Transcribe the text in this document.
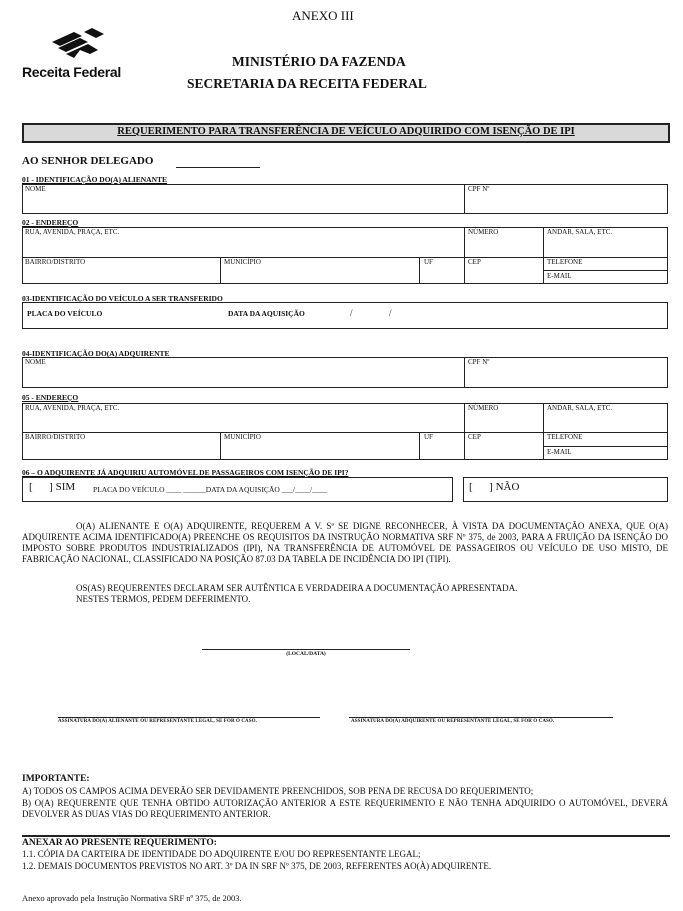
ANEXO III
Receita Federal
MINISTÉRIO DA FAZENDA
SECRETARIA DA RECEITA FEDERAL
REQUERIMENTO PARA TRANSFERÊNCIA DE VEÍCULO ADQUIRIDO COM ISENÇÃO DE IPI
AO SENHOR DELEGADO
01 - IDENTIFICAÇÃO DO(A) ALIENANTE
NOME	CPF Nº
02 - ENDEREÇO
RUA, AVENIDA, PRAÇA, ETC.	NÚMERO	ANDAR, SALA, ETC.
BAIRRO/DISTRITO	MUNICÍPIO	UF	CEP	TELEFONE
E-MAIL
03-IDENTIFICAÇÃO DO VEÍCULO A SER TRANSFERIDO
PLACA DO VEÍCULO	DATA DA AQUISIÇÃO	/	/
04-IDENTIFICAÇÃO DO(A) ADQUIRENTE
NOME	CPF Nº
05 - ENDEREÇO
RUA, AVENIDA, PRAÇA, ETC.	NÚMERO	ANDAR, SALA, ETC.
BAIRRO/DISTRITO	MUNICÍPIO	UF	CEP	TELEFONE
E-MAIL
06 – O ADQUIRENTE JÁ ADQUIRIU AUTOMÓVEL DE PASSAGEIROS COM ISENÇÃO DE IPI?
[      ] SIM PLACA DO VEÍCULO ____ ______DATA DA AQUISIÇÃO ___/____/____	[      ] NÃO
O(A) ALIENANTE E O(A) ADQUIRENTE, REQUEREM A V. Sª SE DIGNE RECONHECER, À VISTA DA DOCUMENTAÇÃO ANEXA, QUE O(A) ADQUIRENTE ACIMA IDENTIFICADO(A) PREENCHE OS REQUISITOS DA INSTRUÇÃO NORMATIVA SRF Nº 375, de 2003, PARA A FRUIÇÃO DA ISENÇÃO DO IMPOSTO SOBRE PRODUTOS INDUSTRIALIZADOS (IPI), NA TRANSFERÊNCIA DE AUTOMÓVEL DE PASSAGEIROS OU VEÍCULO DE USO MISTO, DE FABRICAÇÃO NACIONAL, CLASSIFICADO NA POSIÇÃO 87.03 DA TABELA DE INCIDÊNCIA DO IPI (TIPI).
OS(AS) REQUERENTES DECLARAM SER AUTÊNTICA E VERDADEIRA A DOCUMENTAÇÃO APRESENTADA.
NESTES TERMOS, PEDEM DEFERIMENTO.
(LOCAL/DATA)
ASSINATURA DO(A) ALIENANTE OU REPRESENTANTE LEGAL, SE FOR O CASO.	ASSINATURA DO(A) ADQUIRENTE OU REPRESENTANTE LEGAL, SE FOR O CASO.
IMPORTANTE:
A) TODOS OS CAMPOS ACIMA DEVERÃO SER DEVIDAMENTE PREENCHIDOS, SOB PENA DE RECUSA DO REQUERIMENTO;
B) O(A) REQUERENTE QUE TENHA OBTIDO AUTORIZAÇÃO ANTERIOR A ESTE REQUERIMENTO E NÃO TENHA ADQUIRIDO O AUTOMÓVEL, DEVERÁ DEVOLVER AS DUAS VIAS DO REQUERIMENTO ANTERIOR.
ANEXAR AO PRESENTE REQUERIMENTO:
1.1. CÓPIA DA CARTEIRA DE IDENTIDADE DO ADQUIRENTE E/OU DO REPRESENTANTE LEGAL;
1.2. DEMAIS DOCUMENTOS PREVISTOS NO ART. 3º DA IN SRF Nº 375, DE 2003, REFERENTES AO(À) ADQUIRENTE.
Anexo aprovado pela Instrução Normativa SRF nº 375, de 2003.
